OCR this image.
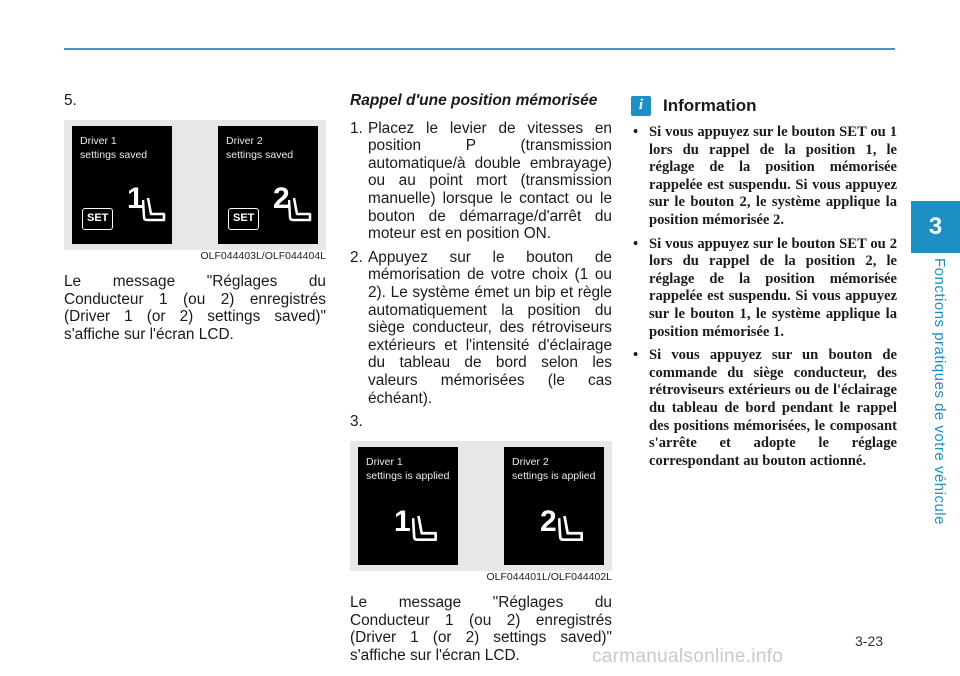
3
Fonctions pratiques de votre véhicule
3-23

5.

Driver 1
settings saved
SET
1
Driver 2
settings saved
SET
2
OLF044403L/OLF044404L

Le message "Réglages du Conducteur 1 (ou 2) enregistrés (Driver 1 (or 2) settings saved)" s'affiche sur l'écran LCD.

Rappel d'une position mémorisée

1. Placez le levier de vitesses en position P (transmission automatique/à double embrayage) ou au point mort (transmission manuelle) lorsque le contact ou le bouton de démarrage/d'arrêt du moteur est en position ON.
2. Appuyez sur le bouton de mémorisation de votre choix (1 ou 2). Le système émet un bip et règle automatiquement la position du siège conducteur, des rétroviseurs extérieurs et l'intensité d'éclairage du tableau de bord selon les valeurs mémorisées (le cas échéant).

3.

Driver 1
settings is applied
1
Driver 2
settings is applied
2
OLF044401L/OLF044402L

Le message "Réglages du Conducteur 1 (ou 2) enregistrés (Driver 1 (or 2) settings saved)" s'affiche sur l'écran LCD.

i	Information
• Si vous appuyez sur le bouton SET ou 1 lors du rappel de la position 1, le réglage de la position mémorisée rappelée est suspendu. Si vous appuyez sur le bouton 2, le système applique la position mémorisée 2.
• Si vous appuyez sur le bouton SET ou 2 lors du rappel de la position 2, le réglage de la position mémorisée rappelée est suspendu. Si vous appuyez sur le bouton 1, le système applique la position mémorisée 1.
• Si vous appuyez sur un bouton de commande du siège conducteur, des rétroviseurs extérieurs ou de l'éclairage du tableau de bord pendant le rappel des positions mémorisées, le composant s'arrête et adopte le réglage correspondant au bouton actionné.
carmanualsonline.info
